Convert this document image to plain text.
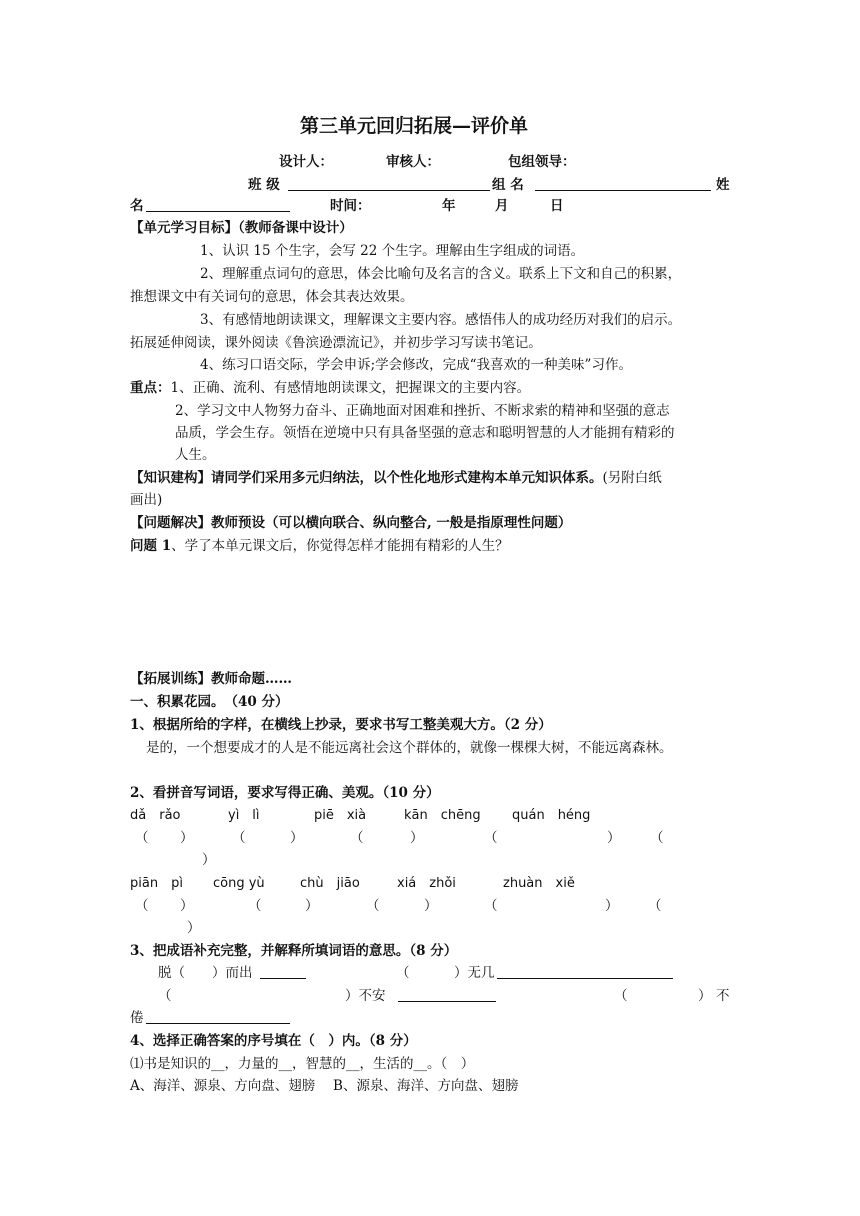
第三单元回归拓展—评价单
设计人：	审核人：	包组领导：
班 级	组 名	姓
名	时间：	年	月	日
【单元学习目标】（教师备课中设计）
1、认识 15 个生字，会写 22 个生字。理解由生字组成的词语。
2、理解重点词句的意思，体会比喻句及名言的含义。联系上下文和自己的积累，
推想课文中有关词句的意思，体会其表达效果。
3、有感情地朗读课文，理解课文主要内容。感悟伟人的成功经历对我们的启示。
拓展延伸阅读，课外阅读《鲁滨逊漂流记》，并初步学习写读书笔记。
4、练习口语交际，学会申诉;学会修改，完成“我喜欢的一种美味”习作。
重点：1、正确、流利、有感情地朗读课文，把握课文的主要内容。
2、学习文中人物努力奋斗、正确地面对困难和挫折、不断求索的精神和坚强的意志
品质，学会生存。领悟在逆境中只有具备坚强的意志和聪明智慧的人才能拥有精彩的
人生。
【知识建构】请同学们采用多元归纳法，以个性化地形式建构本单元知识体系。(另附白纸
画出)
【问题解决】教师预设（可以横向联合、纵向整合, 一般是指原理性问题）
问题 1、学了本单元课文后，你觉得怎样才能拥有精彩的人生？
【拓展训练】教师命题……
一、积累花园。　（40 分）
1、根据所给的字样，在横线上抄录，要求书写工整美观大方。（2 分）
是的，一个想要成才的人是不能远离社会这个群体的，就像一棵棵大树，不能远离森林。
2、看拼音写词语，要求写得正确、美观。（10 分）
dǎ　rǎo	yì　lì	piē　xià	kān　chēng quán　héng
（ ）	（	）	（	）	（	） （
）
piān　pì cōng yù	chù　jiāo	xiá　zhǒi	zhuàn　xiě
（ ）	（	）	（	）	（	） （
）
3、把成语补充完整，并解释所填词语的意思。（8 分）
脱（　　）而出	（	）无几
（	）不安	（	） 不
倦
4、选择正确答案的序号填在（　）内。（8 分）
⑴书是知识的__，力量的__，智慧的__，生活的__。（　）
A、海洋、源泉、方向盘、翅膀　 B、源泉、海洋、方向盘、翅膀
